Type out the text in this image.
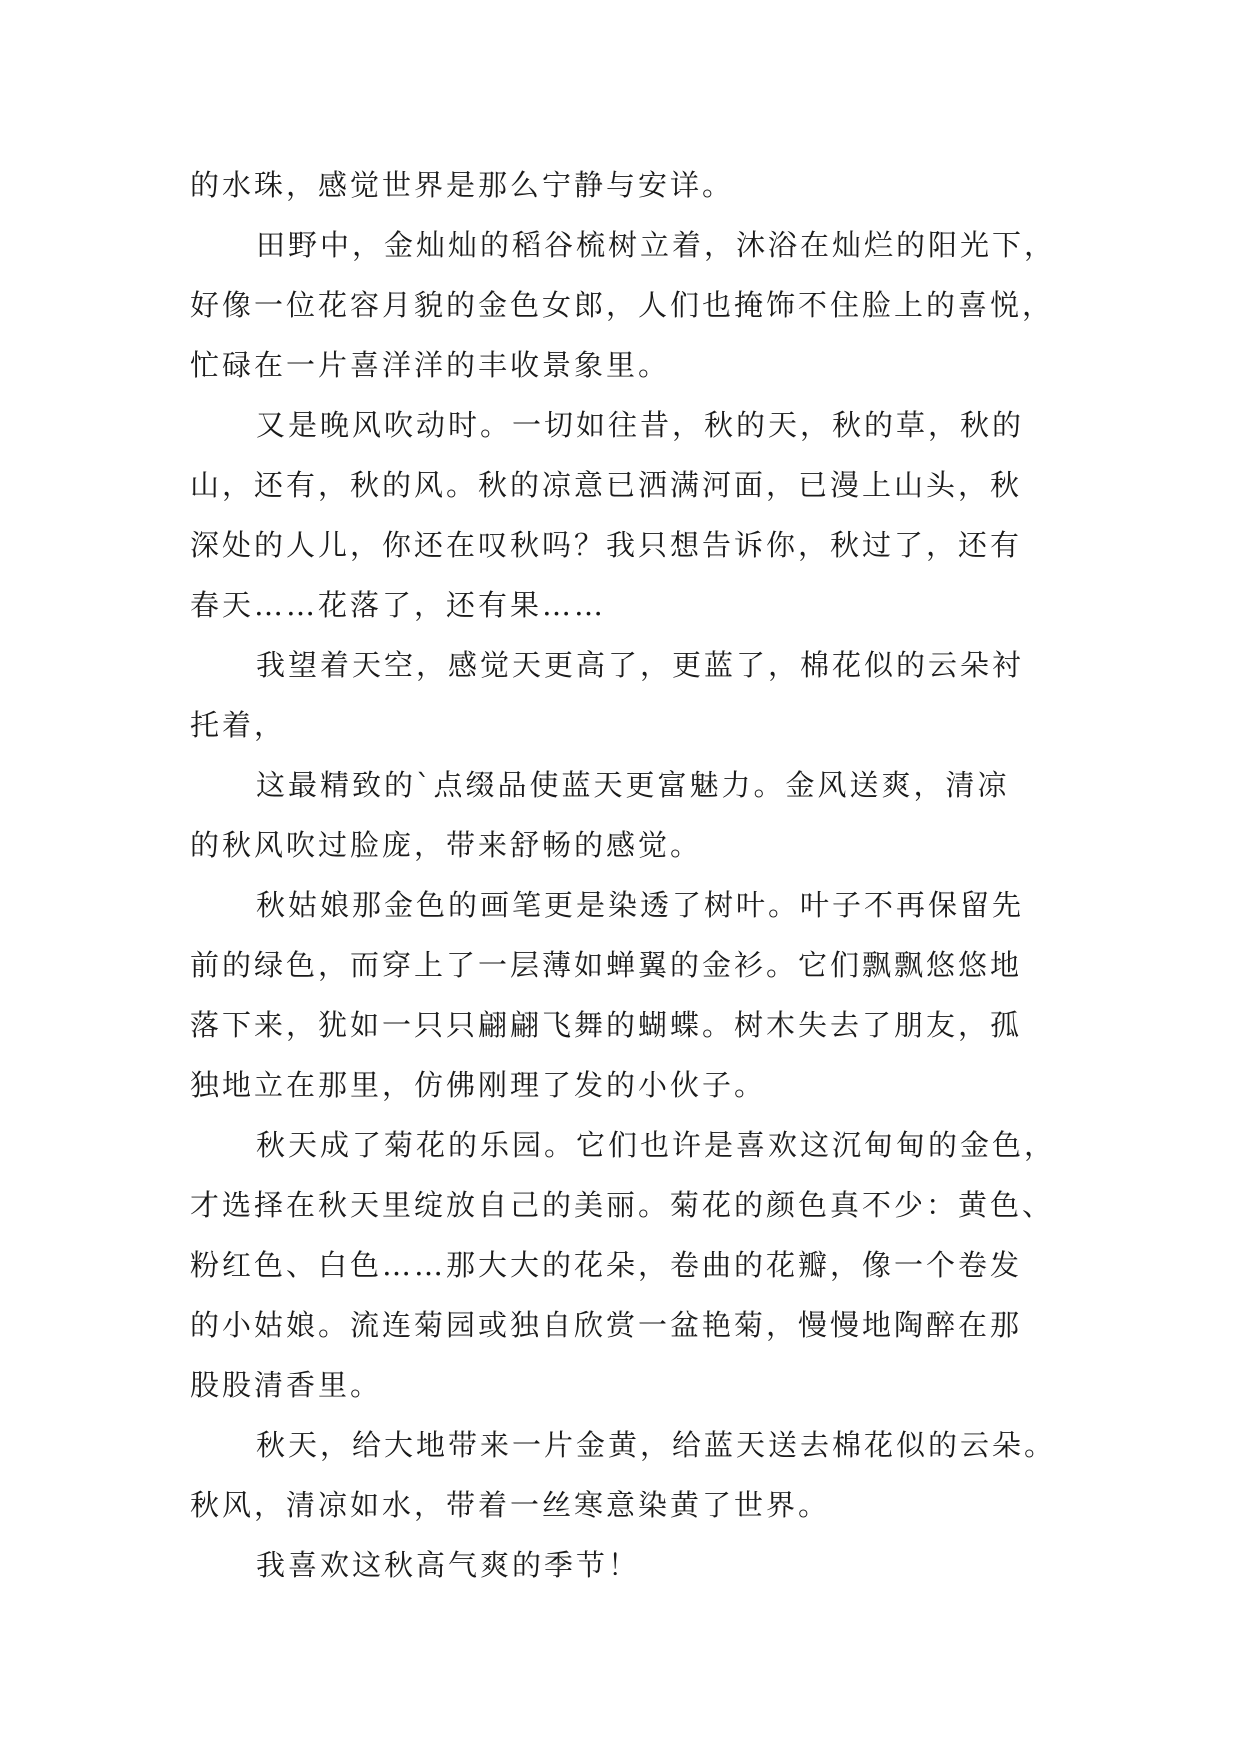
的水珠，感觉世界是那么宁静与安详。
田野中，金灿灿的稻谷梳树立着，沐浴在灿烂的阳光下，
好像一位花容月貌的金色女郎，人们也掩饰不住脸上的喜悦，
忙碌在一片喜洋洋的丰收景象里。
又是晚风吹动时。一切如往昔，秋的天，秋的草，秋的
山，还有，秋的风。秋的凉意已洒满河面，已漫上山头，秋
深处的人儿，你还在叹秋吗？我只想告诉你，秋过了，还有
春天……花落了，还有果……
我望着天空，感觉天更高了，更蓝了，棉花似的云朵衬
托着，
这最精致的`点缀品使蓝天更富魅力。金风送爽，清凉
的秋风吹过脸庞，带来舒畅的感觉。
秋姑娘那金色的画笔更是染透了树叶。叶子不再保留先
前的绿色，而穿上了一层薄如蝉翼的金衫。它们飘飘悠悠地
落下来，犹如一只只翩翩飞舞的蝴蝶。树木失去了朋友，孤
独地立在那里，仿佛刚理了发的小伙子。
秋天成了菊花的乐园。它们也许是喜欢这沉甸甸的金色，
才选择在秋天里绽放自己的美丽。菊花的颜色真不少：黄色、
粉红色、白色……那大大的花朵，卷曲的花瓣，像一个卷发
的小姑娘。流连菊园或独自欣赏一盆艳菊，慢慢地陶醉在那
股股清香里。
秋天，给大地带来一片金黄，给蓝天送去棉花似的云朵。
秋风，清凉如水，带着一丝寒意染黄了世界。
我喜欢这秋高气爽的季节！
